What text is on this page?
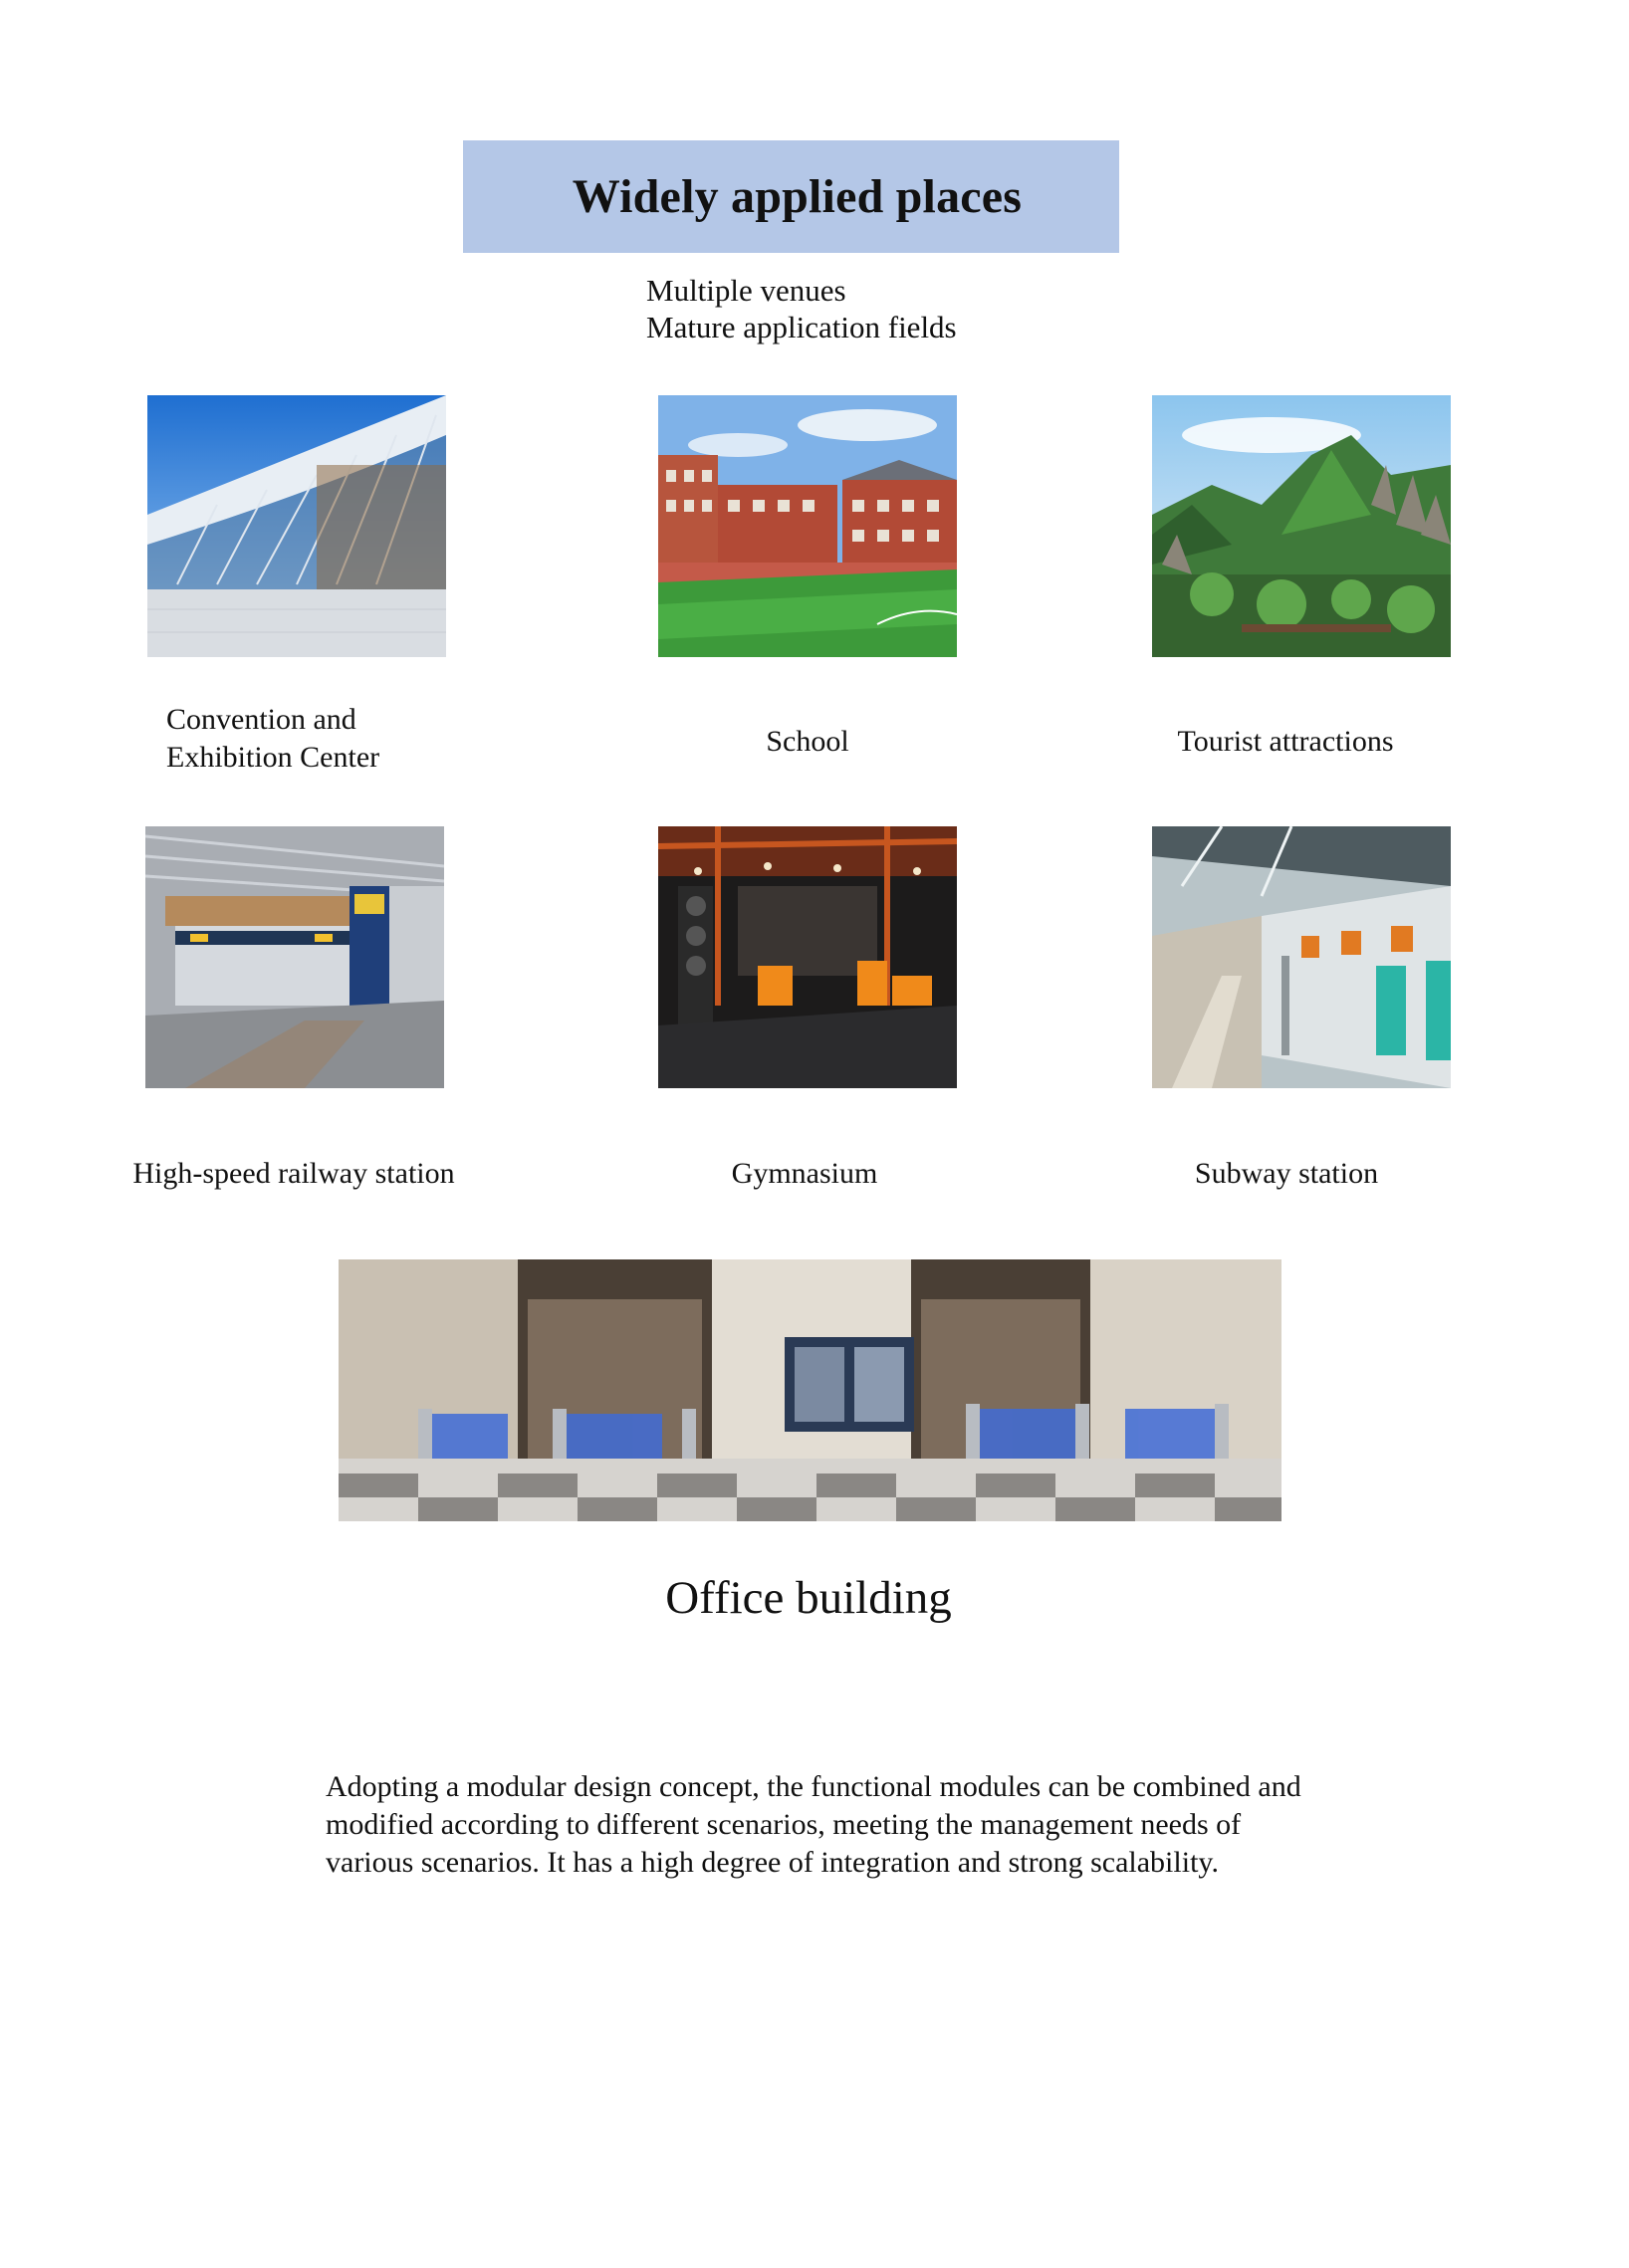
Widely applied places
Multiple venues
Mature application fields
Convention and
Exhibition Center	School	Tourist attractions
High-speed railway station	Gymnasium	Subway station
Office building
Adopting a modular design concept, the functional modules can be combined and modified according to different scenarios, meeting the management needs of various scenarios. It has a high degree of integration and strong scalability.
